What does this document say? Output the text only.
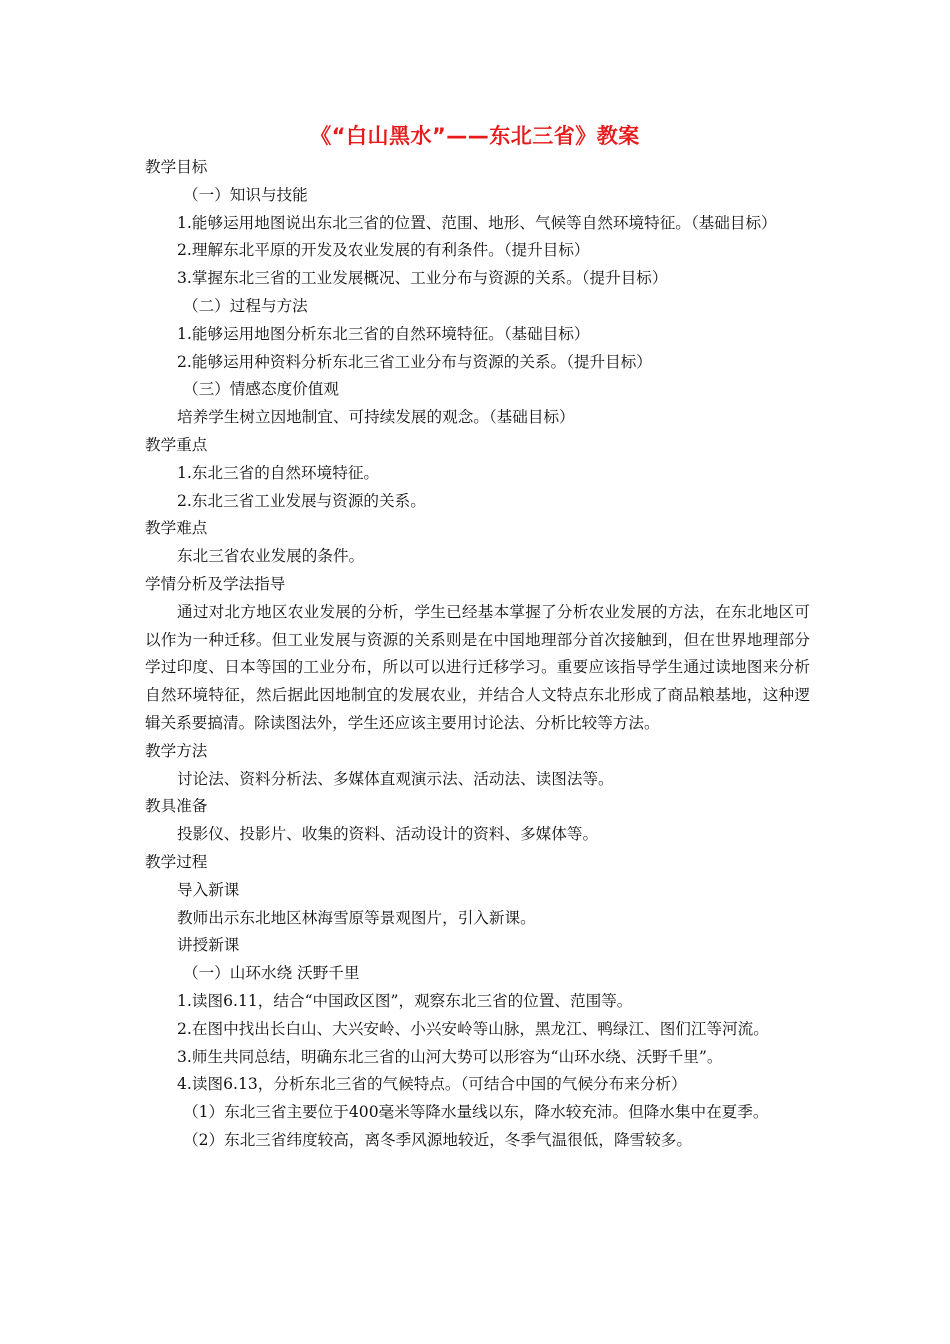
《“白山黑水”——东北三省》教案

教学目标

（一）知识与技能

1.能够运用地图说出东北三省的位置、范围、地形、气候等自然环境特征。（基础目标）

2.理解东北平原的开发及农业发展的有利条件。（提升目标）

3.掌握东北三省的工业发展概况、工业分布与资源的关系。（提升目标）

（二）过程与方法

1.能够运用地图分析东北三省的自然环境特征。（基础目标）

2.能够运用种资料分析东北三省工业分布与资源的关系。（提升目标）

（三）情感态度价值观

培养学生树立因地制宜、可持续发展的观念。（基础目标）

教学重点

1.东北三省的自然环境特征。

2.东北三省工业发展与资源的关系。

教学难点

东北三省农业发展的条件。

学情分析及学法指导

通过对北方地区农业发展的分析，学生已经基本掌握了分析农业发展的方法，在东北地区可以作为一种迁移。但工业发展与资源的关系则是在中国地理部分首次接触到，但在世界地理部分学过印度、日本等国的工业分布，所以可以进行迁移学习。重要应该指导学生通过读地图来分析自然环境特征，然后据此因地制宜的发展农业，并结合人文特点东北形成了商品粮基地，这种逻辑关系要搞清。除读图法外，学生还应该主要用讨论法、分析比较等方法。

教学方法

讨论法、资料分析法、多媒体直观演示法、活动法、读图法等。

教具准备

投影仪、投影片、收集的资料、活动设计的资料、多媒体等。

教学过程

导入新课

教师出示东北地区林海雪原等景观图片，引入新课。

讲授新课

（一）山环水绕 沃野千里

1.读图6.11，结合“中国政区图”，观察东北三省的位置、范围等。

2.在图中找出长白山、大兴安岭、小兴安岭等山脉，黑龙江、鸭绿江、图们江等河流。

3.师生共同总结，明确东北三省的山河大势可以形容为“山环水绕、沃野千里”。

4.读图6.13，分析东北三省的气候特点。（可结合中国的气候分布来分析）

（1）东北三省主要位于400毫米等降水量线以东，降水较充沛。但降水集中在夏季。

（2）东北三省纬度较高，离冬季风源地较近，冬季气温很低，降雪较多。
